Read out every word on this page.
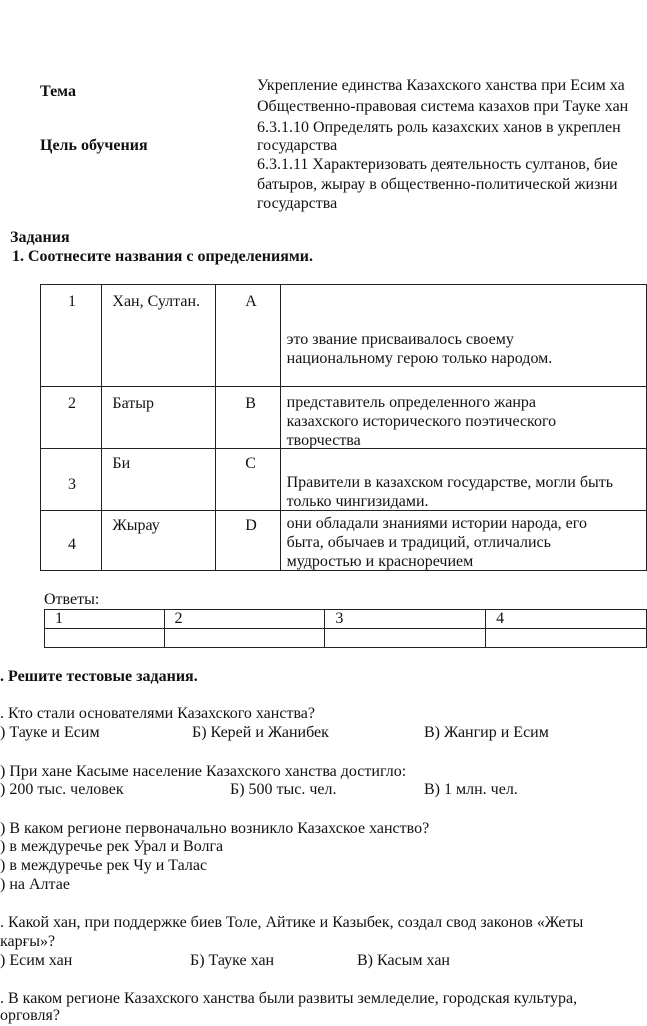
Тема	Укрепление единства Казахского ханства при Есим ха
Общественно-правовая система казахов при Тауке хан
Цель обучения
6.3.1.10 Определять роль казахских ханов в укреплен
государства
6.3.1.11 Характеризовать деятельность султанов, бие
батыров, жырау в общественно-политической жизни
государства
Задания
1. Соотнесите названия с определениями.
1	Хан, Султан.	A	это звание присваивалось своему
национальному герою только народом.

2	Батыр	B	представитель определенного жанра
казахского исторического поэтического
творчества

3	Би	C	Правители в казахском государстве, могли быть
только чингизидами.

4	Жырау	D	они обладали знаниями истории народа, его
быта, обычаев и традиций, отличались
мудростью и красноречием
Ответы:
1	2	3	4

. Решите тестовые задания.
. Кто стали основателями Казахского ханства?
) Тауке и Есим	Б) Керей и Жанибек	В) Жангир и Есим
) При хане Касыме население Казахского ханства достигло:
) 200 тыс. человек	Б) 500 тыс. чел.	В) 1 млн. чел.
) В каком регионе первоначально возникло Казахское ханство?
) в междуречье рек Урал и Волга
) в междуречье рек Чу и Талас
) на Алтае
. Какой хан, при поддержке биев Толе, Айтике и Казыбек, создал свод законов «Жеты
карғы»?
) Есим хан	Б) Тауке хан	В) Касым хан
. В каком регионе Казахского ханства были развиты земледелие, городская культура,
орговля?
